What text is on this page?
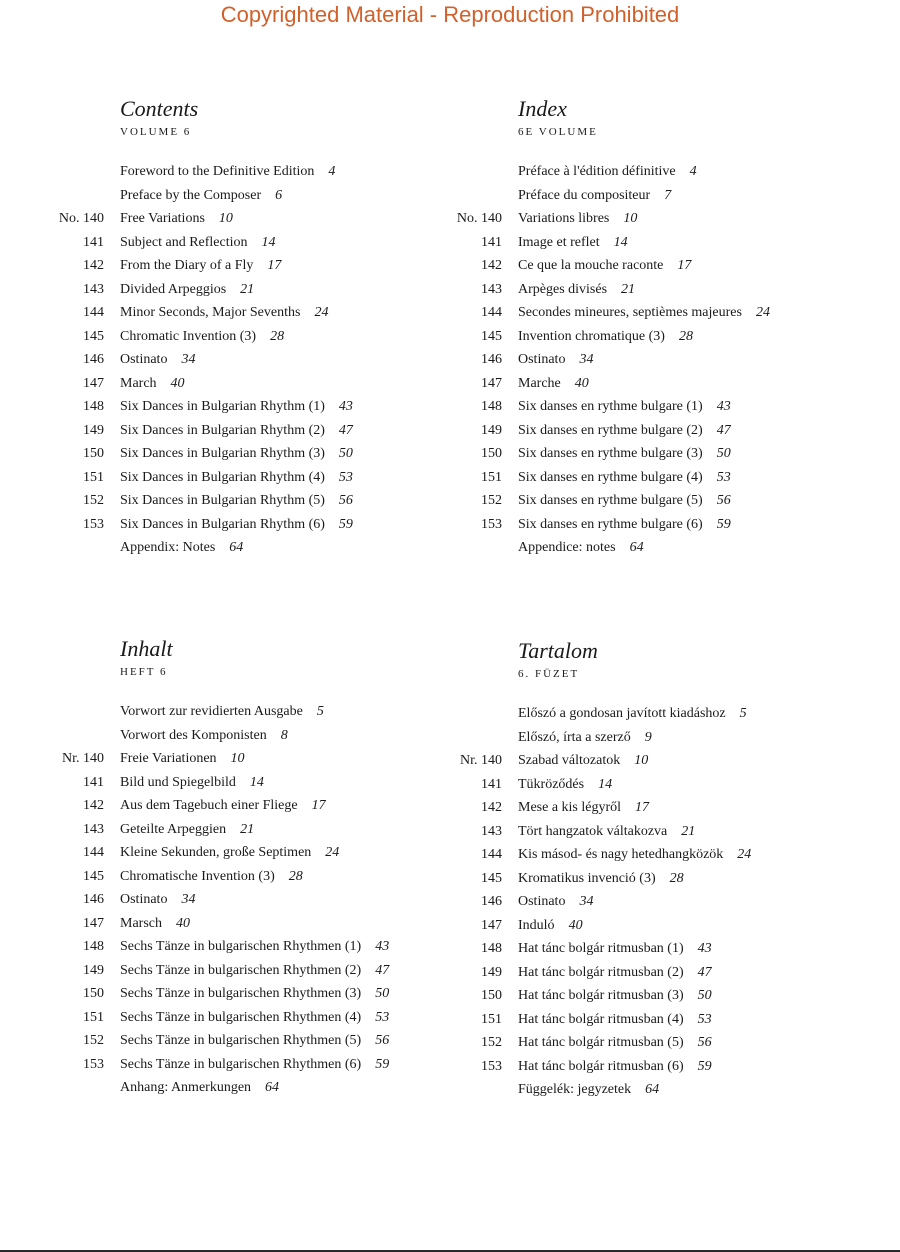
Copyrighted Material - Reproduction Prohibited
Contents
VOLUME 6
Foreword to the Definitive Edition 4
Preface by the Composer 6
No. 140 Free Variations 10
141 Subject and Reflection 14
142 From the Diary of a Fly 17
143 Divided Arpeggios 21
144 Minor Seconds, Major Sevenths 24
145 Chromatic Invention (3) 28
146 Ostinato 34
147 March 40
148 Six Dances in Bulgarian Rhythm (1) 43
149 Six Dances in Bulgarian Rhythm (2) 47
150 Six Dances in Bulgarian Rhythm (3) 50
151 Six Dances in Bulgarian Rhythm (4) 53
152 Six Dances in Bulgarian Rhythm (5) 56
153 Six Dances in Bulgarian Rhythm (6) 59
Appendix: Notes 64
Index
6E VOLUME
Préface à l'édition définitive 4
Préface du compositeur 7
No. 140 Variations libres 10
141 Image et reflet 14
142 Ce que la mouche raconte 17
143 Arpèges divisés 21
144 Secondes mineures, septièmes majeures 24
145 Invention chromatique (3) 28
146 Ostinato 34
147 Marche 40
148 Six danses en rythme bulgare (1) 43
149 Six danses en rythme bulgare (2) 47
150 Six danses en rythme bulgare (3) 50
151 Six danses en rythme bulgare (4) 53
152 Six danses en rythme bulgare (5) 56
153 Six danses en rythme bulgare (6) 59
Appendice: notes 64
Inhalt
HEFT 6
Vorwort zur revidierten Ausgabe 5
Vorwort des Komponisten 8
Nr. 140 Freie Variationen 10
141 Bild und Spiegelbild 14
142 Aus dem Tagebuch einer Fliege 17
143 Geteilte Arpeggien 21
144 Kleine Sekunden, große Septimen 24
145 Chromatische Invention (3) 28
146 Ostinato 34
147 Marsch 40
148 Sechs Tänze in bulgarischen Rhythmen (1) 43
149 Sechs Tänze in bulgarischen Rhythmen (2) 47
150 Sechs Tänze in bulgarischen Rhythmen (3) 50
151 Sechs Tänze in bulgarischen Rhythmen (4) 53
152 Sechs Tänze in bulgarischen Rhythmen (5) 56
153 Sechs Tänze in bulgarischen Rhythmen (6) 59
Anhang: Anmerkungen 64
Tartalom
6. FÜZET
Előszó a gondosan javított kiadáshoz 5
Előszó, írta a szerző 9
Nr. 140 Szabad változatok 10
141 Tükröződés 14
142 Mese a kis légyről 17
143 Tört hangzatok váltakozva 21
144 Kis másod- és nagy hetedhangközök 24
145 Kromatikus invenció (3) 28
146 Ostinato 34
147 Induló 40
148 Hat tánc bolgár ritmusban (1) 43
149 Hat tánc bolgár ritmusban (2) 47
150 Hat tánc bolgár ritmusban (3) 50
151 Hat tánc bolgár ritmusban (4) 53
152 Hat tánc bolgár ritmusban (5) 56
153 Hat tánc bolgár ritmusban (6) 59
Függelék: jegyzetek 64
